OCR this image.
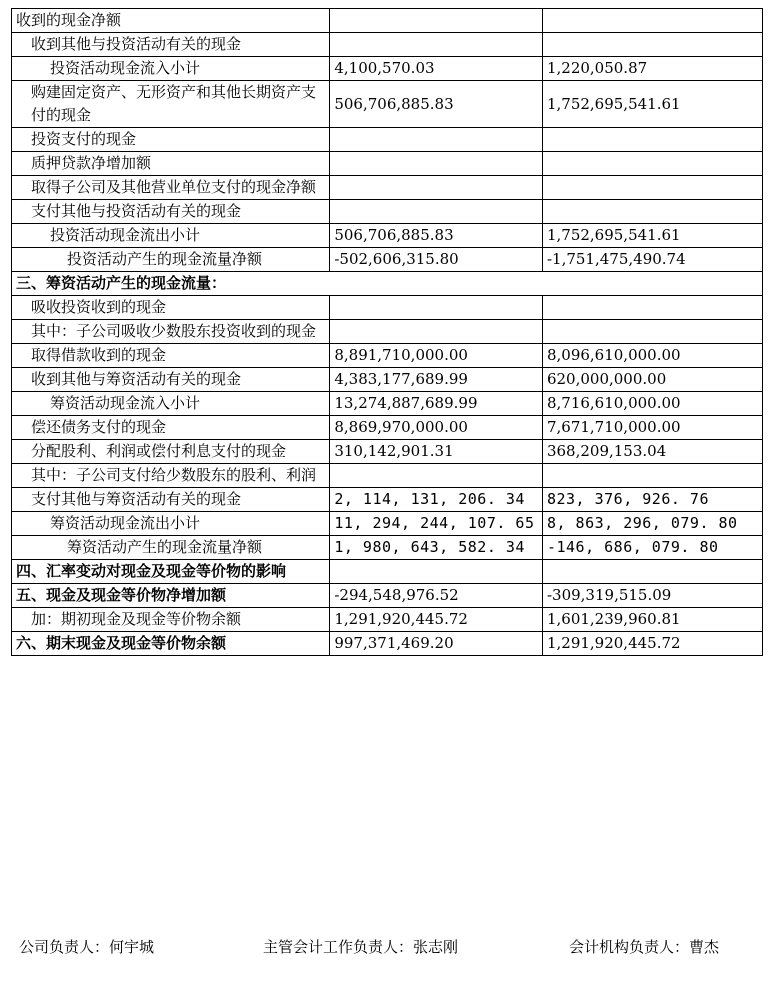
收到的现金净额		
收到其他与投资活动有关的现金		
投资活动现金流入小计	4,100,570.03	1,220,050.87
购建固定资产、无形资产和其他长期资产支付的现金	506,706,885.83	1,752,695,541.61
投资支付的现金		
质押贷款净增加额		
取得子公司及其他营业单位支付的现金净额		
支付其他与投资活动有关的现金		
投资活动现金流出小计	506,706,885.83	1,752,695,541.61
投资活动产生的现金流量净额	-502,606,315.80	-1,751,475,490.74
三、筹资活动产生的现金流量：		
吸收投资收到的现金		
其中：子公司吸收少数股东投资收到的现金		
取得借款收到的现金	8,891,710,000.00	8,096,610,000.00
收到其他与筹资活动有关的现金	4,383,177,689.99	620,000,000.00
筹资活动现金流入小计	13,274,887,689.99	8,716,610,000.00
偿还债务支付的现金	8,869,970,000.00	7,671,710,000.00
分配股利、利润或偿付利息支付的现金	310,142,901.31	368,209,153.04
其中：子公司支付给少数股东的股利、利润		
支付其他与筹资活动有关的现金	2, 114, 131, 206. 34	823, 376, 926. 76
筹资活动现金流出小计	11, 294, 244, 107. 65	8, 863, 296, 079. 80
筹资活动产生的现金流量净额	1, 980, 643, 582. 34	-146, 686, 079. 80
四、汇率变动对现金及现金等价物的影响		
五、现金及现金等价物净增加额	-294,548,976.52	-309,319,515.09
加：期初现金及现金等价物余额	1,291,920,445.72	1,601,239,960.81
六、期末现金及现金等价物余额	997,371,469.20	1,291,920,445.72
公司负责人：何宇城	主管会计工作负责人：张志刚	会计机构负责人：曹杰
